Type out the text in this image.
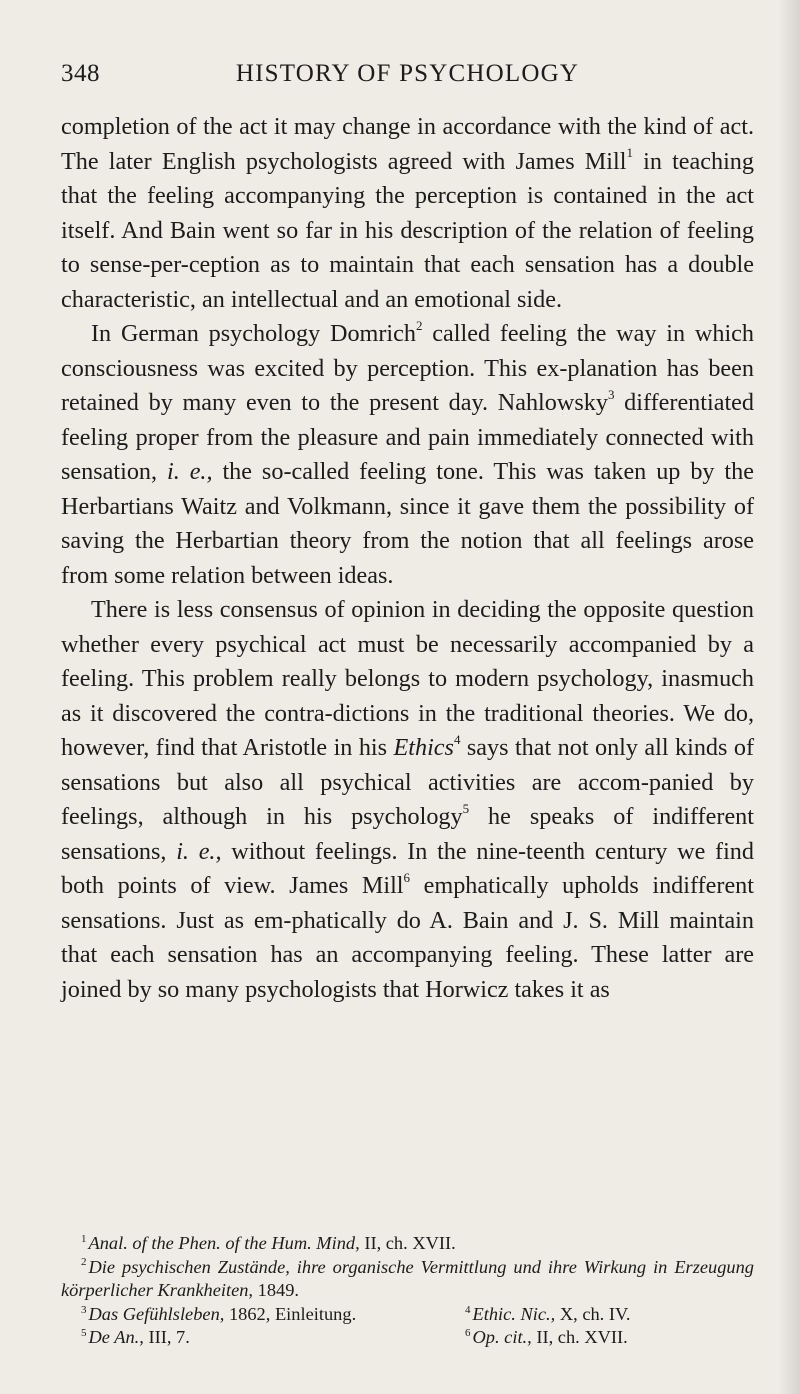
348	HISTORY OF PSYCHOLOGY

completion of the act it may change in accordance with the kind of act. The later English psychologists agreed with James Mill$^1$ in teaching that the feeling accompanying the perception is contained in the act itself. And Bain went so far in his description of the relation of feeling to sense-per-ception as to maintain that each sensation has a double characteristic, an intellectual and an emotional side.

In German psychology Domrich$^2$ called feeling the way in which consciousness was excited by perception. This ex-planation has been retained by many even to the present day. Nahlowsky$^3$ differentiated feeling proper from the pleasure and pain immediately connected with sensation, i. e., the so-called feeling tone. This was taken up by the Herbartians Waitz and Volkmann, since it gave them the possibility of saving the Herbartian theory from the notion that all feelings arose from some relation between ideas.

There is less consensus of opinion in deciding the opposite question whether every psychical act must be necessarily accompanied by a feeling. This problem really belongs to modern psychology, inasmuch as it discovered the contra-dictions in the traditional theories. We do, however, find that Aristotle in his Ethics$^4$ says that not only all kinds of sensations but also all psychical activities are accom-panied by feelings, although in his psychology$^5$ he speaks of indifferent sensations, i. e., without feelings. In the nine-teenth century we find both points of view. James Mill$^6$ emphatically upholds indifferent sensations. Just as em-phatically do A. Bain and J. S. Mill maintain that each sensation has an accompanying feeling. These latter are joined by so many psychologists that Horwicz takes it as

$^1$ Anal. of the Phen. of the Hum. Mind, II, ch. XVII.

$^2$ Die psychischen Zustände, ihre organische Vermittlung und ihre Wirkung in Erzeugung körperlicher Krankheiten, 1849.

$^3$ Das Gefühlsleben, 1862, Einleitung.	$^4$ Ethic. Nic., X, ch. IV.

$^5$ De An., III, 7.	$^6$ Op. cit., II, ch. XVII.
